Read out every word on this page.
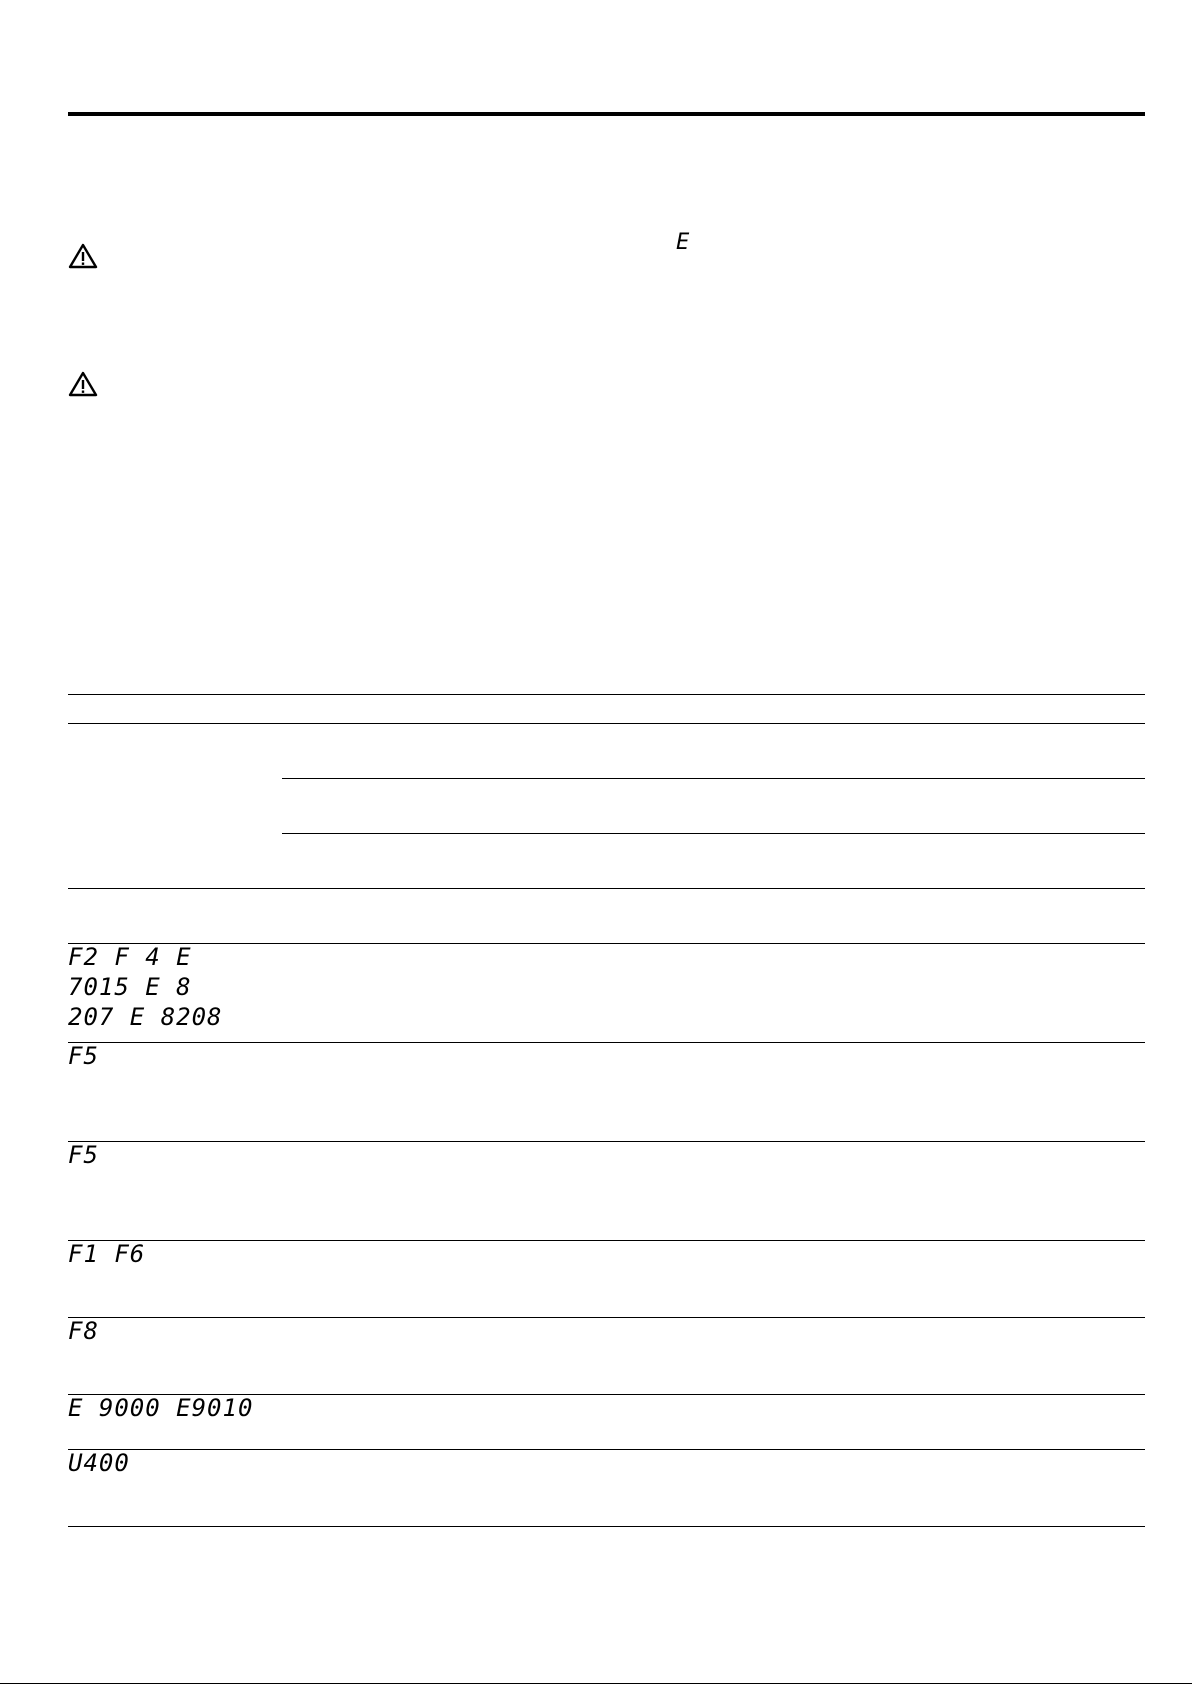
E
F2 F 4 E 7015 E 8
207 E 8208
F5
F5
F1 F6
F8
E 9000 E9010
U400
